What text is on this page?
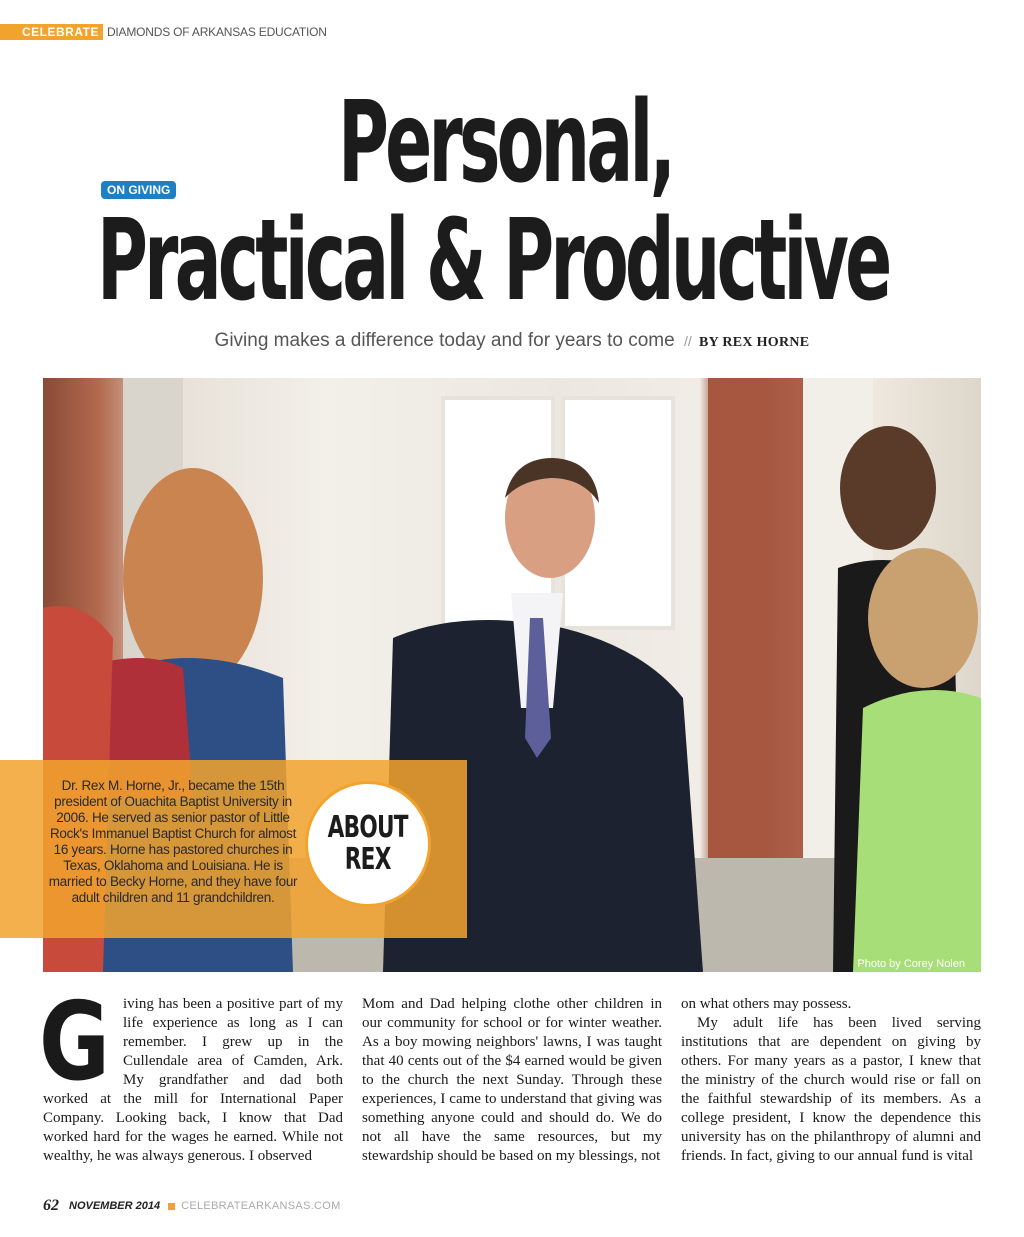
CELEBRATE DIAMONDS OF ARKANSAS EDUCATION
ON GIVING Personal,
Practical & Productive
Giving makes a difference today and for years to come // BY REX HORNE
Photo by Corey Nolen
Dr. Rex M. Horne, Jr., became the 15th president of Ouachita Baptist University in 2006. He served as senior pastor of Little Rock's Immanuel Baptist Church for almost 16 years. Horne has pastored churches in Texas, Oklahoma and Louisiana. He is married to Becky Horne, and they have four adult children and 11 grandchildren.
ABOUT
REX
Giving has been a positive part of my life experience as long as I can remember. I grew up in the Cullendale area of Camden, Ark. My grandfather and dad both worked at the mill for International Paper Company. Looking back, I know that Dad worked hard for the wages he earned. While not wealthy, he was always generous. I observed
Mom and Dad helping clothe other children in our community for school or for winter weather. As a boy mowing neighbors' lawns, I was taught that 40 cents out of the $4 earned would be given to the church the next Sunday. Through these experiences, I came to understand that giving was something anyone could and should do. We do not all have the same resources, but my stewardship should be based on my blessings, not

on what others may possess.

My adult life has been lived serving institutions that are dependent on giving by others. For many years as a pastor, I knew that the ministry of the church would rise or fall on the faithful stewardship of its members. As a college president, I know the dependence this university has on the philanthropy of alumni and friends. In fact, giving to our annual fund is vital

62 NOVEMBER 2014 CELEBRATEARKANSAS.COM
